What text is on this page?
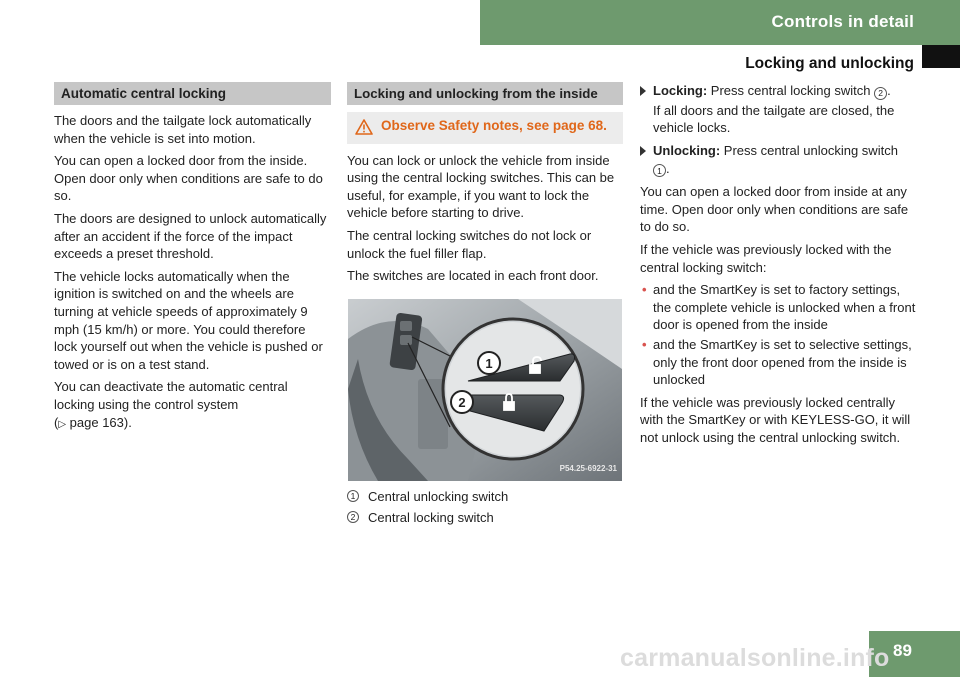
Controls in detail
Locking and unlocking
Automatic central locking

The doors and the tailgate lock automatically when the vehicle is set into motion.

You can open a locked door from the inside. Open door only when conditions are safe to do so.

The doors are designed to unlock automatically after an accident if the force of the impact exceeds a preset threshold.

The vehicle locks automatically when the ignition is switched on and the wheels are turning at vehicle speeds of approximately 9 mph (15 km/h) or more. You could therefore lock yourself out when the vehicle is pushed or towed or is on a test stand.

You can deactivate the automatic central locking using the control system
(▷ page 163).

Locking and unlocking from the inside
Observe Safety notes, see page 68.

You can lock or unlock the vehicle from inside using the central locking switches. This can be useful, for example, if you want to lock the vehicle before starting to drive.

The central locking switches do not lock or unlock the fuel filler flap.

The switches are located in each front door.

1
2
P54.25-6922-31
1 Central unlocking switch
2 Central locking switch
Locking: Press central locking switch 2 .

If all doors and the tailgate are closed, the vehicle locks.

Unlocking: Press central unlocking switch
1 .

You can open a locked door from inside at any time. Open door only when conditions are safe to do so.

If the vehicle was previously locked with the central locking switch:

• and the SmartKey is set to factory settings, the complete vehicle is unlocked when a front door is opened from the inside
• and the SmartKey is set to selective settings, only the front door opened from the inside is unlocked

If the vehicle was previously locked centrally with the SmartKey or with KEYLESS-GO, it will not unlock using the central unlocking switch.

89
carmanualsonline.info
